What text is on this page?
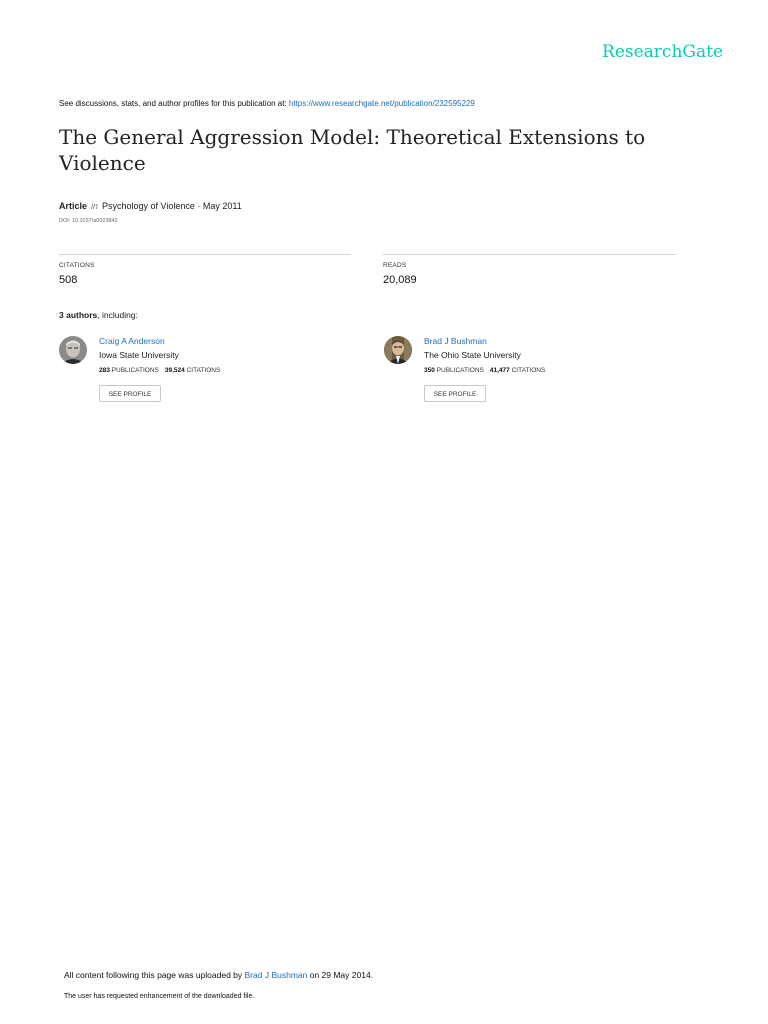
ResearchGate
See discussions, stats, and author profiles for this publication at: https://www.researchgate.net/publication/232595229
The General Aggression Model: Theoretical Extensions to Violence
Article in Psychology of Violence · May 2011
DOI: 10.1037/a0023842
CITATIONS
508
READS
20,089
3 authors, including:
Craig A Anderson
Iowa State University
283 PUBLICATIONS 39,524 CITATIONS
SEE PROFILE
Brad J Bushman
The Ohio State University
350 PUBLICATIONS 41,477 CITATIONS
SEE PROFILE
All content following this page was uploaded by Brad J Bushman on 29 May 2014.
The user has requested enhancement of the downloaded file.
